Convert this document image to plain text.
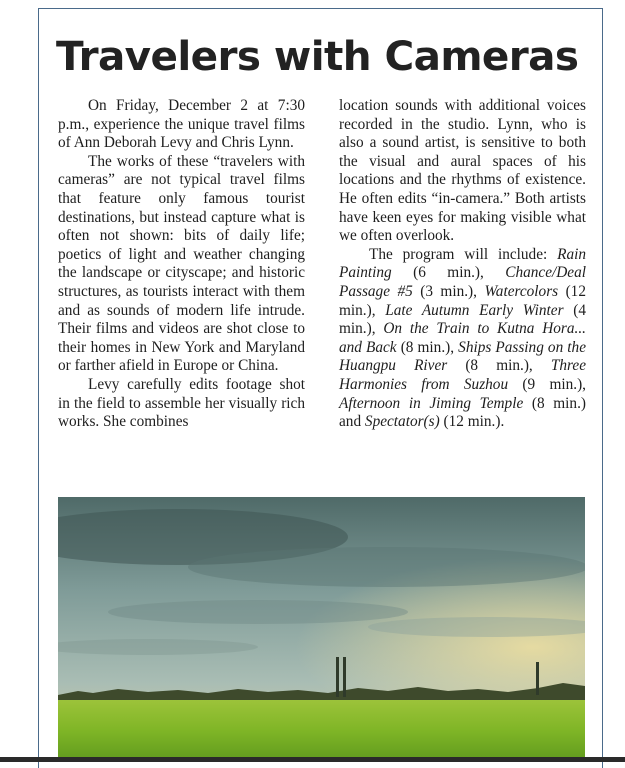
Travelers with Cameras

On Friday, December 2 at 7:30 p.m., experience the unique travel films of Ann Deborah Levy and Chris Lynn.

The works of these “travelers with cameras” are not typical travel films that feature only famous tourist destinations, but instead capture what is often not shown: bits of daily life; poetics of light and weather changing the landscape or cityscape; and historic structures, as tourists interact with them and as sounds of modern life intrude. Their films and videos are shot close to their homes in New York and Maryland or farther afield in Europe or China.

Levy carefully edits footage shot in the field to assemble her visually rich works. She combines

location sounds with additional voices recorded in the studio. Lynn, who is also a sound artist, is sensitive to both the visual and aural spaces of his locations and the rhythms of existence. He often edits “in-camera.” Both artists have keen eyes for making visible what we often overlook.

The program will include: Rain Painting (6 min.), Chance/Deal Passage #5 (3 min.), Watercolors (12 min.), Late Autumn Early Winter (4 min.), On the Train to Kutna Hora... and Back (8 min.), Ships Passing on the Huangpu River (8 min.), Three Harmonies from Suzhou (9 min.), Afternoon in Jiming Temple (8 min.) and Spectator(s) (12 min.).
